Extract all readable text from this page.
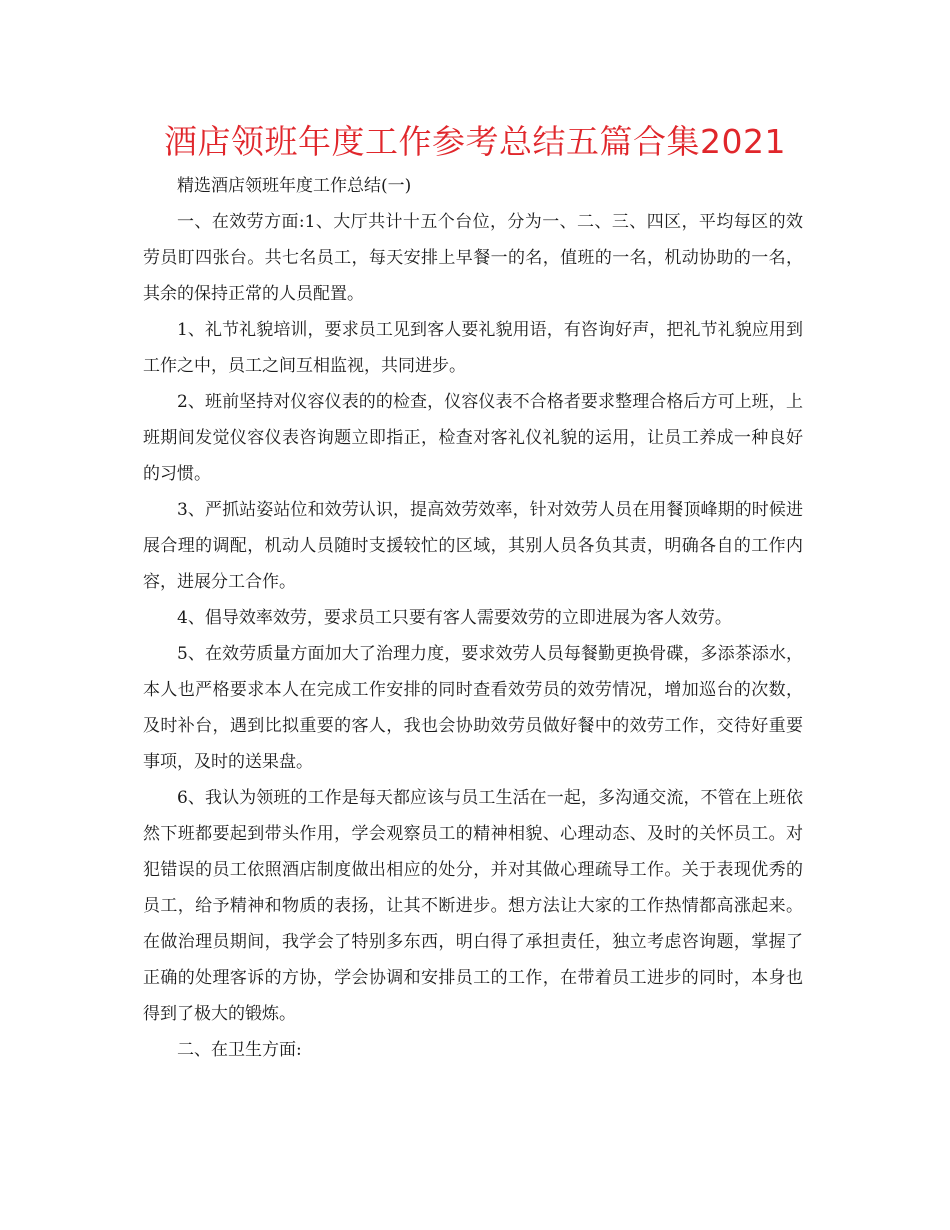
酒店领班年度工作参考总结五篇合集2021

精选酒店领班年度工作总结(一)

一、在效劳方面:1、大厅共计十五个台位，分为一、二、三、四区，平均每区的效劳员盯四张台。共七名员工，每天安排上早餐一的名，值班的一名，机动协助的一名，其余的保持正常的人员配置。

1、礼节礼貌培训，要求员工见到客人要礼貌用语，有咨询好声，把礼节礼貌应用到工作之中，员工之间互相监视，共同进步。

2、班前坚持对仪容仪表的的检查，仪容仪表不合格者要求整理合格后方可上班，上班期间发觉仪容仪表咨询题立即指正，检查对客礼仪礼貌的运用，让员工养成一种良好的习惯。

3、严抓站姿站位和效劳认识，提高效劳效率，针对效劳人员在用餐顶峰期的时候进展合理的调配，机动人员随时支援较忙的区域，其别人员各负其责，明确各自的工作内容，进展分工合作。

4、倡导效率效劳，要求员工只要有客人需要效劳的立即进展为客人效劳。

5、在效劳质量方面加大了治理力度，要求效劳人员每餐勤更换骨碟，多添茶添水，本人也严格要求本人在完成工作安排的同时查看效劳员的效劳情况，增加巡台的次数，及时补台，遇到比拟重要的客人，我也会协助效劳员做好餐中的效劳工作，交待好重要事项，及时的送果盘。

6、我认为领班的工作是每天都应该与员工生活在一起，多沟通交流，不管在上班依然下班都要起到带头作用，学会观察员工的精神相貌、心理动态、及时的关怀员工。对犯错误的员工依照酒店制度做出相应的处分，并对其做心理疏导工作。关于表现优秀的员工，给予精神和物质的表扬，让其不断进步。想方法让大家的工作热情都高涨起来。在做治理员期间，我学会了特别多东西，明白得了承担责任，独立考虑咨询题，掌握了正确的处理客诉的方协，学会协调和安排员工的工作，在带着员工进步的同时，本身也得到了极大的锻炼。

二、在卫生方面:
